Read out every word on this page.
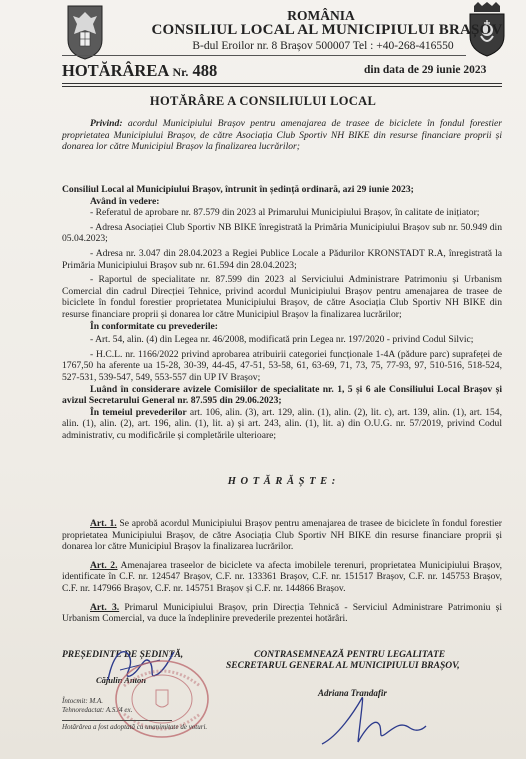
ROMÂNIA
CONSILIUL LOCAL AL MUNICIPIULUI BRAȘOV
B-dul Eroilor nr. 8 Brașov 500007 Tel : +40-268-416550
HOTĂRÂREA Nr. 488	din data de 29 iunie 2023
HOTĂRÂRE A CONSILIULUI LOCAL

Privind: acordul Municipiului Brașov pentru amenajarea de trasee de biciclete în fondul forestier proprietatea Municipiului Brașov, de către Asociația Club Sportiv NH BIKE din resurse financiare proprii și donarea lor către Municipiul Brașov la finalizarea lucrărilor;

Consiliul Local al Municipiului Brașov, întrunit în ședință ordinară, azi 29 iunie 2023;

Având în vedere:

- Referatul de aprobare nr. 87.579 din 2023 al Primarului Municipiului Brașov, în calitate de inițiator;

- Adresa Asociației Club Sportiv NB BIKE înregistrată la Primăria Municipiului Brașov sub nr. 50.949 din 05.04.2023;

- Adresa nr. 3.047 din 28.04.2023 a Regiei Publice Locale a Pădurilor KRONSTADT R.A, înregistrată la Primăria Municipiului Brașov sub nr. 61.594 din 28.04.2023;

- Raportul de specialitate nr. 87.599 din 2023 al Serviciului Administrare Patrimoniu și Urbanism Comercial din cadrul Direcției Tehnice, privind acordul Municipiului Brașov pentru amenajarea de trasee de biciclete în fondul forestier proprietatea Municipiului Brașov, de către Asociația Club Sportiv NH BIKE din resurse financiare proprii și donarea lor către Municipiul Brașov la finalizarea lucrărilor;

În conformitate cu prevederile:

- Art. 54, alin. (4) din Legea nr. 46/2008, modificată prin Legea nr. 197/2020 - privind Codul Silvic;

- H.C.L. nr. 1166/2022 privind aprobarea atribuirii categoriei funcționale 1-4A (pădure parc) suprafeței de 1767,50 ha aferente ua 15-28, 30-39, 44-45, 47-51, 53-58, 61, 63-69, 71, 73, 75, 77-93, 97, 510-516, 518-524, 527-531, 539-547, 549, 553-557 din UP IV Brașov;

Luând în considerare avizele Comisiilor de specialitate nr. 1, 5 și 6 ale Consiliului Local Brașov și avizul Secretarului General nr. 87.595 din 29.06.2023;

În temeiul prevederilor art. 106, alin. (3), art. 129, alin. (1), alin. (2), lit. c), art. 139, alin. (1), art. 154, alin. (1), alin. (2), art. 196, alin. (1), lit. a) și art. 243, alin. (1), lit. a) din O.U.G. nr. 57/2019, privind Codul administrativ, cu modificările și completările ulterioare;

H O T Ă R Ă Ș T E :

Art. 1. Se aprobă acordul Municipiului Brașov pentru amenajarea de trasee de biciclete în fondul forestier proprietatea Municipiului Brașov, de către Asociația Club Sportiv NH BIKE din resurse financiare proprii și donarea lor către Municipiul Brașov la finalizarea lucrărilor.

Art. 2. Amenajarea traseelor de biciclete va afecta imobilele terenuri, proprietatea Municipiului Brașov, identificate în C.F. nr. 124547 Brașov, C.F. nr. 133361 Brașov, C.F. nr. 151517 Brașov, C.F. nr. 145753 Brașov, C.F. nr. 147966 Brașov, C.F. nr. 145751 Brașov și C.F. nr. 144866 Brașov.

Art. 3. Primarul Municipiului Brașov, prin Direcția Tehnică - Serviciul Administrare Patrimoniu și Urbanism Comercial, va duce la îndeplinire prevederile prezentei hotărâri.

PREȘEDINTE DE ȘEDINȚĂ,
Căjulin Anton
CONTRASEMNEAZĂ PENTRU LEGALITATE
SECRETARUL GENERAL AL MUNICIPIULUI BRAȘOV,
Adriana Trandafir
Întocmit: M.A.
Tehnoredactat: A.S./4 ex.
Hotărârea a fost adoptată cu unanimitate de voturi.
